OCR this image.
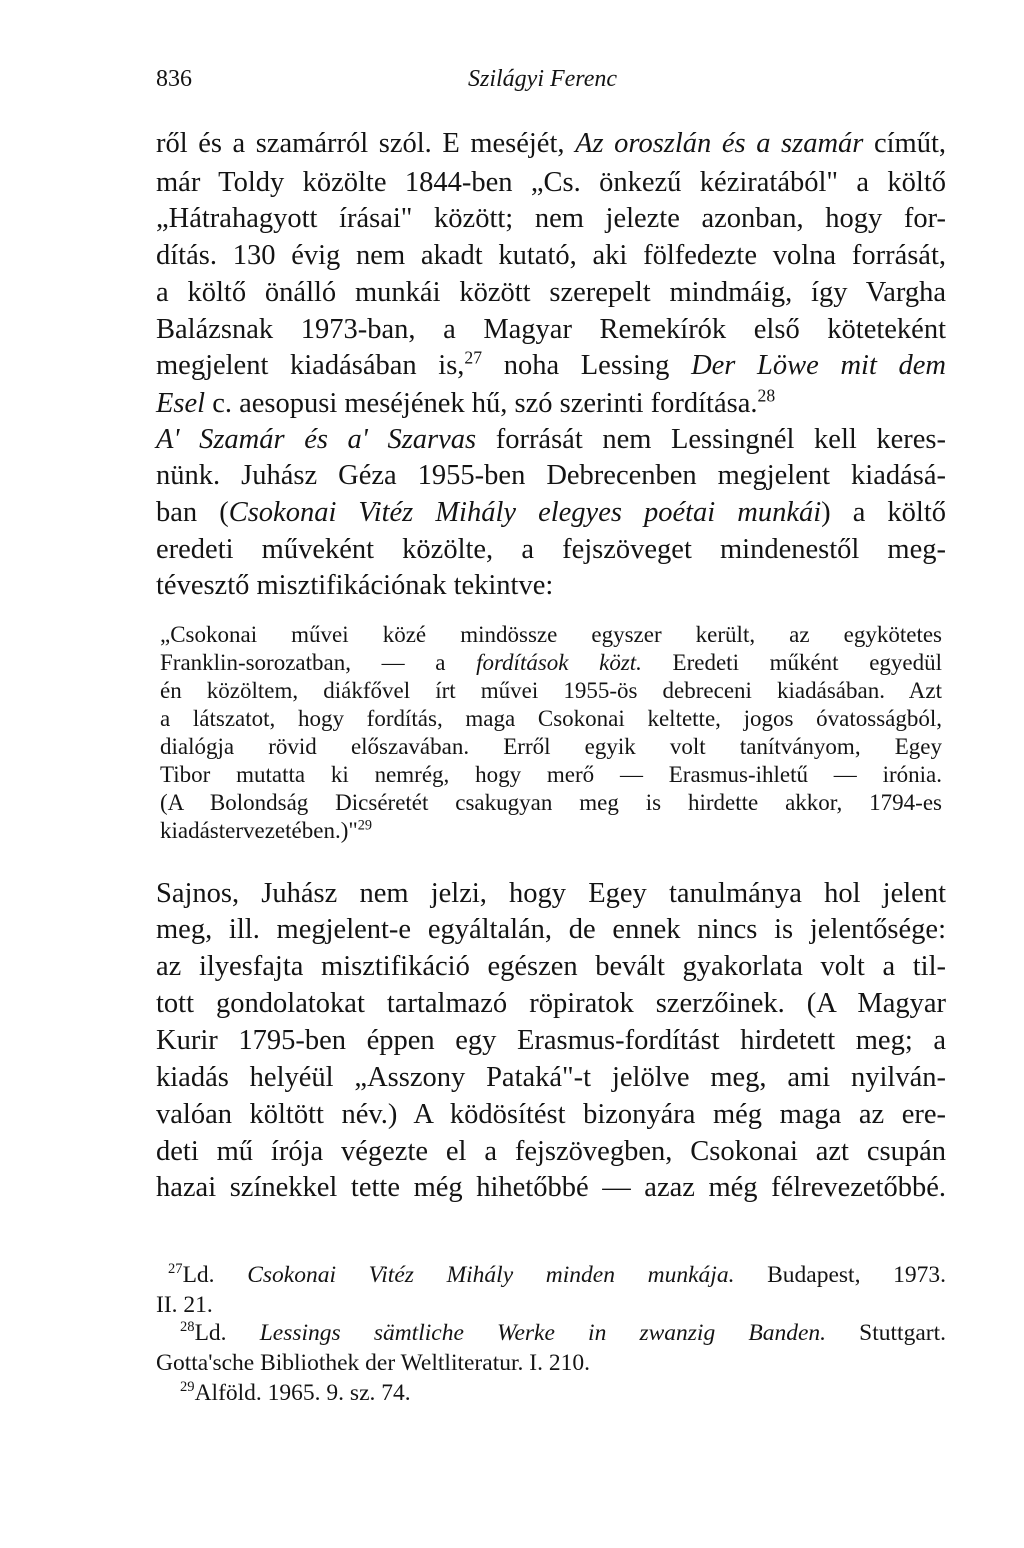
836	Szilágyi Ferenc
ről és a szamárról szól. E meséjét, Az oroszlán és a szamár címűt,
már Toldy közölte 1844-ben „Cs. önkezű kéziratából" a költő
„Hátrahagyott írásai" között; nem jelezte azonban, hogy for-
dítás. 130 évig nem akadt kutató, aki fölfedezte volna forrását,
a költő önálló munkái között szerepelt mindmáig, így Vargha
Balázsnak 1973-ban, a Magyar Remekírók első köteteként
megjelent kiadásában is,$^{27}$ noha Lessing Der Löwe mit dem
Esel c. aesopusi meséjének hű, szó szerinti fordítása.$^{28}$
A' Szamár és a' Szarvas forrását nem Lessingnél kell keres-
nünk. Juhász Géza 1955-ben Debrecenben megjelent kiadásá-
ban (Csokonai Vitéz Mihály elegyes poétai munkái) a költő
eredeti műveként közölte, a fejszöveget mindenestől meg-
tévesztő misztifikációnak tekintve:
„Csokonai művei közé mindössze egyszer került, az egykötetes
Franklin-sorozatban, — a fordítások közt. Eredeti műként egyedül
én közöltem, diákfővel írt művei 1955-ös debreceni kiadásában. Azt
a látszatot, hogy fordítás, maga Csokonai keltette, jogos óvatosságból,
dialógja rövid előszavában. Erről egyik volt tanítványom, Egey
Tibor mutatta ki nemrég, hogy merő — Erasmus-ihletű — irónia.
(A Bolondság Dicséretét csakugyan meg is hirdette akkor, 1794-es
kiadástervezetében.)"$^{29}$
Sajnos, Juhász nem jelzi, hogy Egey tanulmánya hol jelent
meg, ill. megjelent-e egyáltalán, de ennek nincs is jelentősége:
az ilyesfajta misztifikáció egészen bevált gyakorlata volt a til-
tott gondolatokat tartalmazó röpiratok szerzőinek. (A Magyar
Kurir 1795-ben éppen egy Erasmus-fordítást hirdetett meg; a
kiadás helyéül „Asszony Pataká"-t jelölve meg, ami nyilván-
valóan költött név.) A ködösítést bizonyára még maga az ere-
deti mű írója végezte el a fejszövegben, Csokonai azt csupán
hazai színekkel tette még hihetőbbé — azaz még félrevezetőbbé.
$^{27}$Ld. Csokonai Vitéz Mihály minden munkája. Budapest, 1973.
II. 21.
$^{28}$Ld. Lessings sämtliche Werke in zwanzig Banden. Stuttgart.
Gotta'sche Bibliothek der Weltliteratur. I. 210.
$^{29}$Alföld. 1965. 9. sz. 74.
